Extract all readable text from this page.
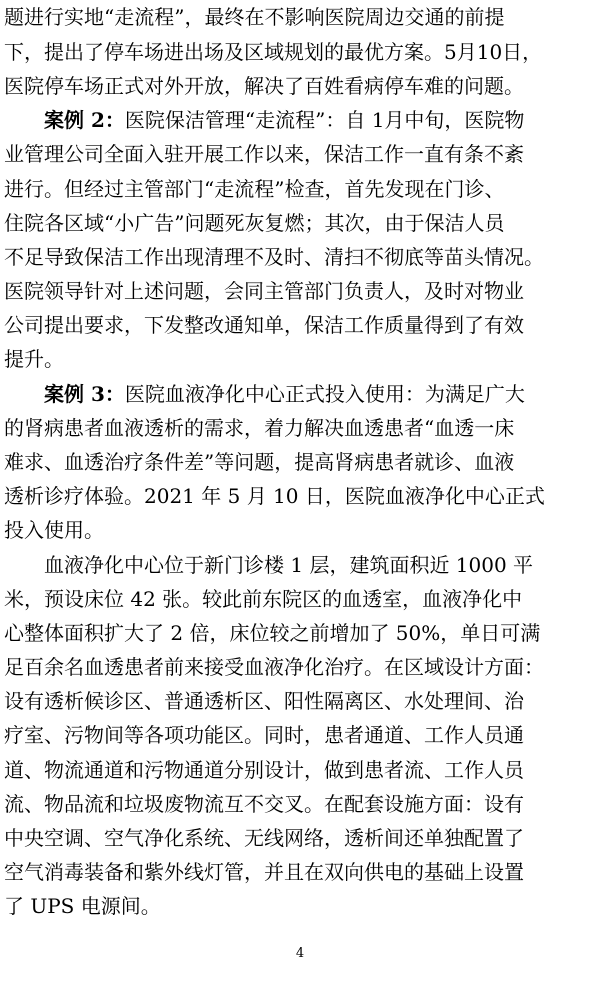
题进行实地“走流程”，最终在不影响医院周边交通的前提
下，提出了停车场进出场及区域规划的最优方案。5月10日，
医院停车场正式对外开放，解决了百姓看病停车难的问题。
案例 2：医院保洁管理“走流程”：自 1月中旬，医院物
业管理公司全面入驻开展工作以来，保洁工作一直有条不紊
进行。但经过主管部门“走流程”检查，首先发现在门诊、
住院各区域“小广告”问题死灰复燃；其次，由于保洁人员
不足导致保洁工作出现清理不及时、清扫不彻底等苗头情况。
医院领导针对上述问题，会同主管部门负责人，及时对物业
公司提出要求，下发整改通知单，保洁工作质量得到了有效
提升。
案例 3：医院血液净化中心正式投入使用：为满足广大
的肾病患者血液透析的需求，着力解决血透患者“血透一床
难求、血透治疗条件差”等问题，提高肾病患者就诊、血液
透析诊疗体验。2021 年 5 月 10 日，医院血液净化中心正式
投入使用。
血液净化中心位于新门诊楼 1 层，建筑面积近 1000 平
米，预设床位 42 张。较此前东院区的血透室，血液净化中
心整体面积扩大了 2 倍，床位较之前增加了 50%，单日可满
足百余名血透患者前来接受血液净化治疗。在区域设计方面：
设有透析候诊区、普通透析区、阳性隔离区、水处理间、治
疗室、污物间等各项功能区。同时，患者通道、工作人员通
道、物流通道和污物通道分别设计，做到患者流、工作人员
流、物品流和垃圾废物流互不交叉。在配套设施方面：设有
中央空调、空气净化系统、无线网络，透析间还单独配置了
空气消毒装备和紫外线灯管，并且在双向供电的基础上设置
了 UPS 电源间。
4
